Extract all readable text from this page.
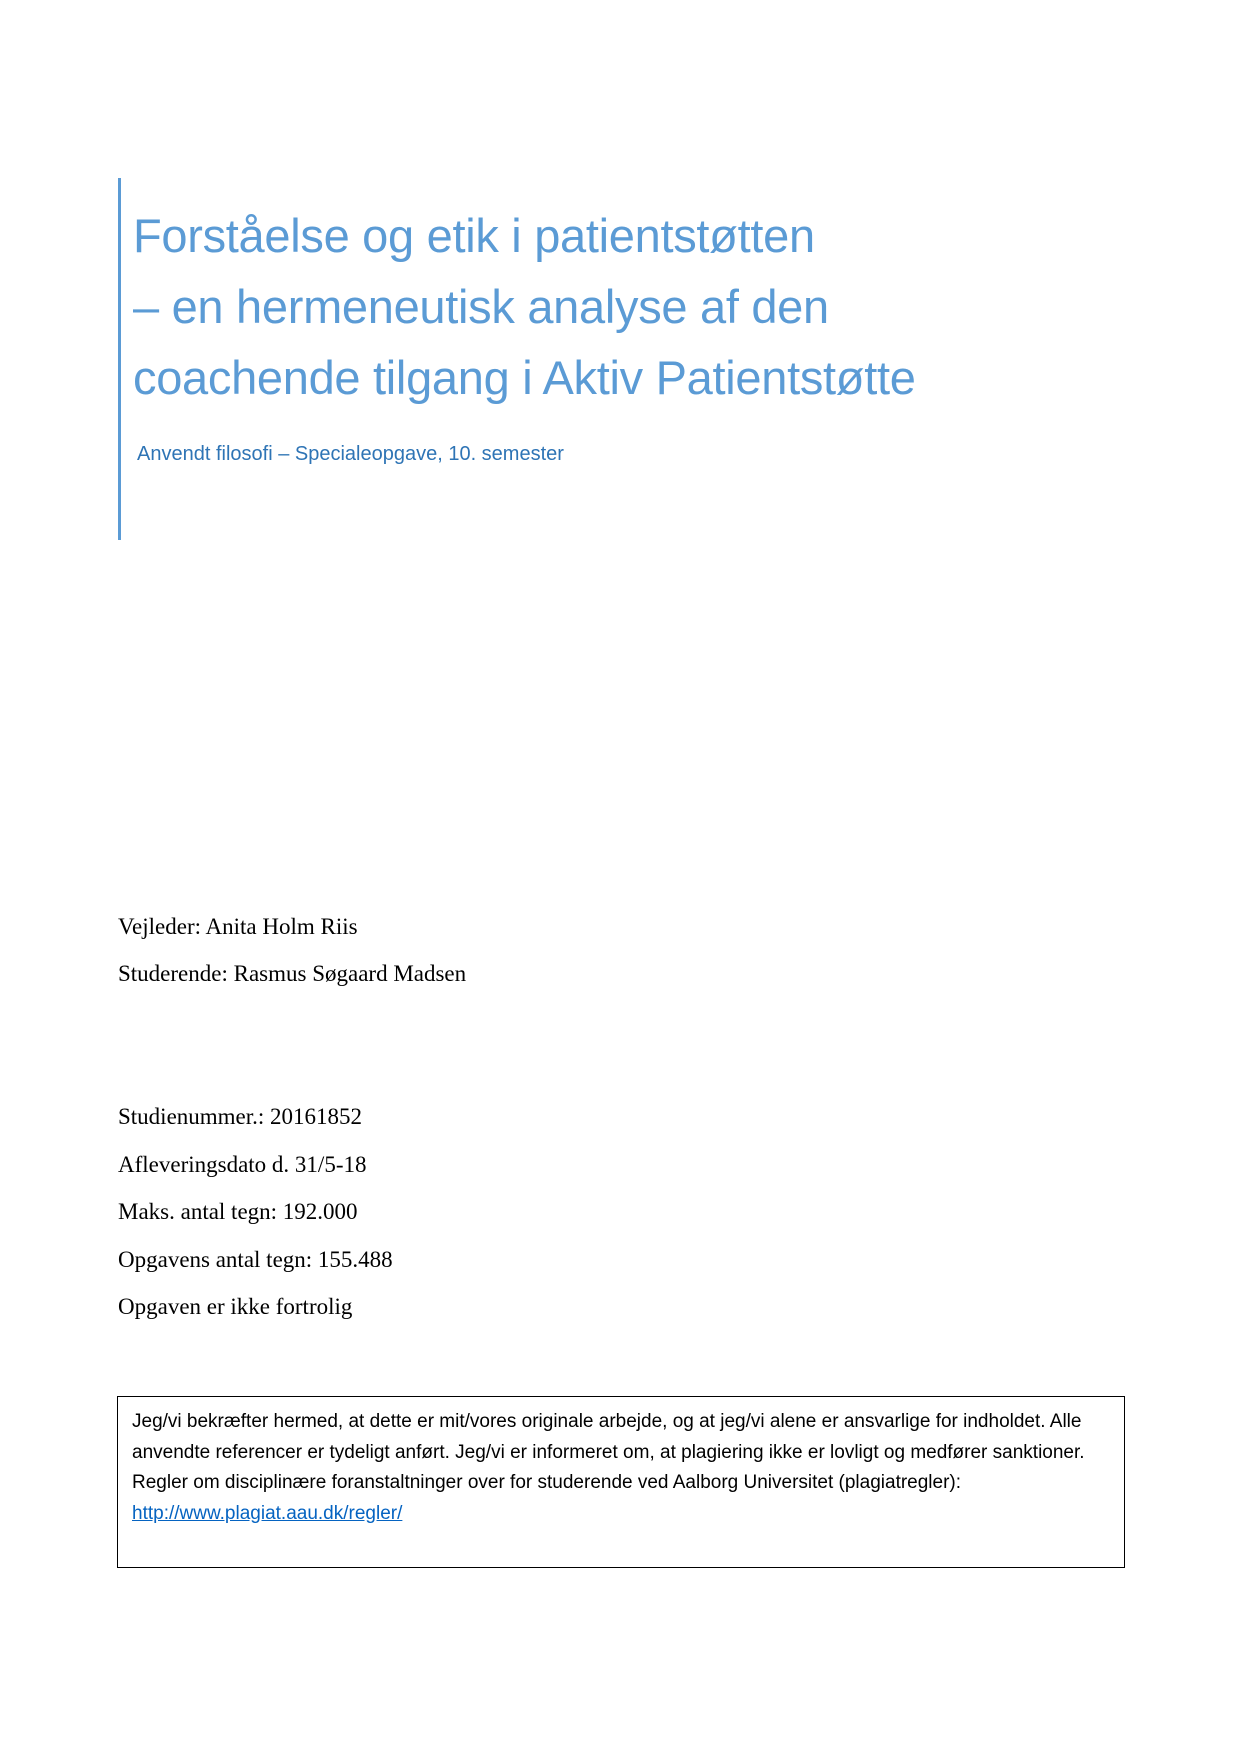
Forståelse og etik i patientstøtten
– en hermeneutisk analyse af den
coachende tilgang i Aktiv Patientstøtte
Anvendt filosofi – Specialeopgave, 10. semester
Vejleder: Anita Holm Riis
Studerende: Rasmus Søgaard Madsen
Studienummer.: 20161852
Afleveringsdato d. 31/5-18
Maks. antal tegn: 192.000
Opgavens antal tegn: 155.488
Opgaven er ikke fortrolig
Jeg/vi bekræfter hermed, at dette er mit/vores originale arbejde, og at jeg/vi alene er ansvarlige for indholdet. Alle anvendte referencer er tydeligt anført. Jeg/vi er informeret om, at plagiering ikke er lovligt og medfører sanktioner. Regler om disciplinære foranstaltninger over for studerende ved Aalborg Universitet (plagiatregler): http://www.plagiat.aau.dk/regler/
